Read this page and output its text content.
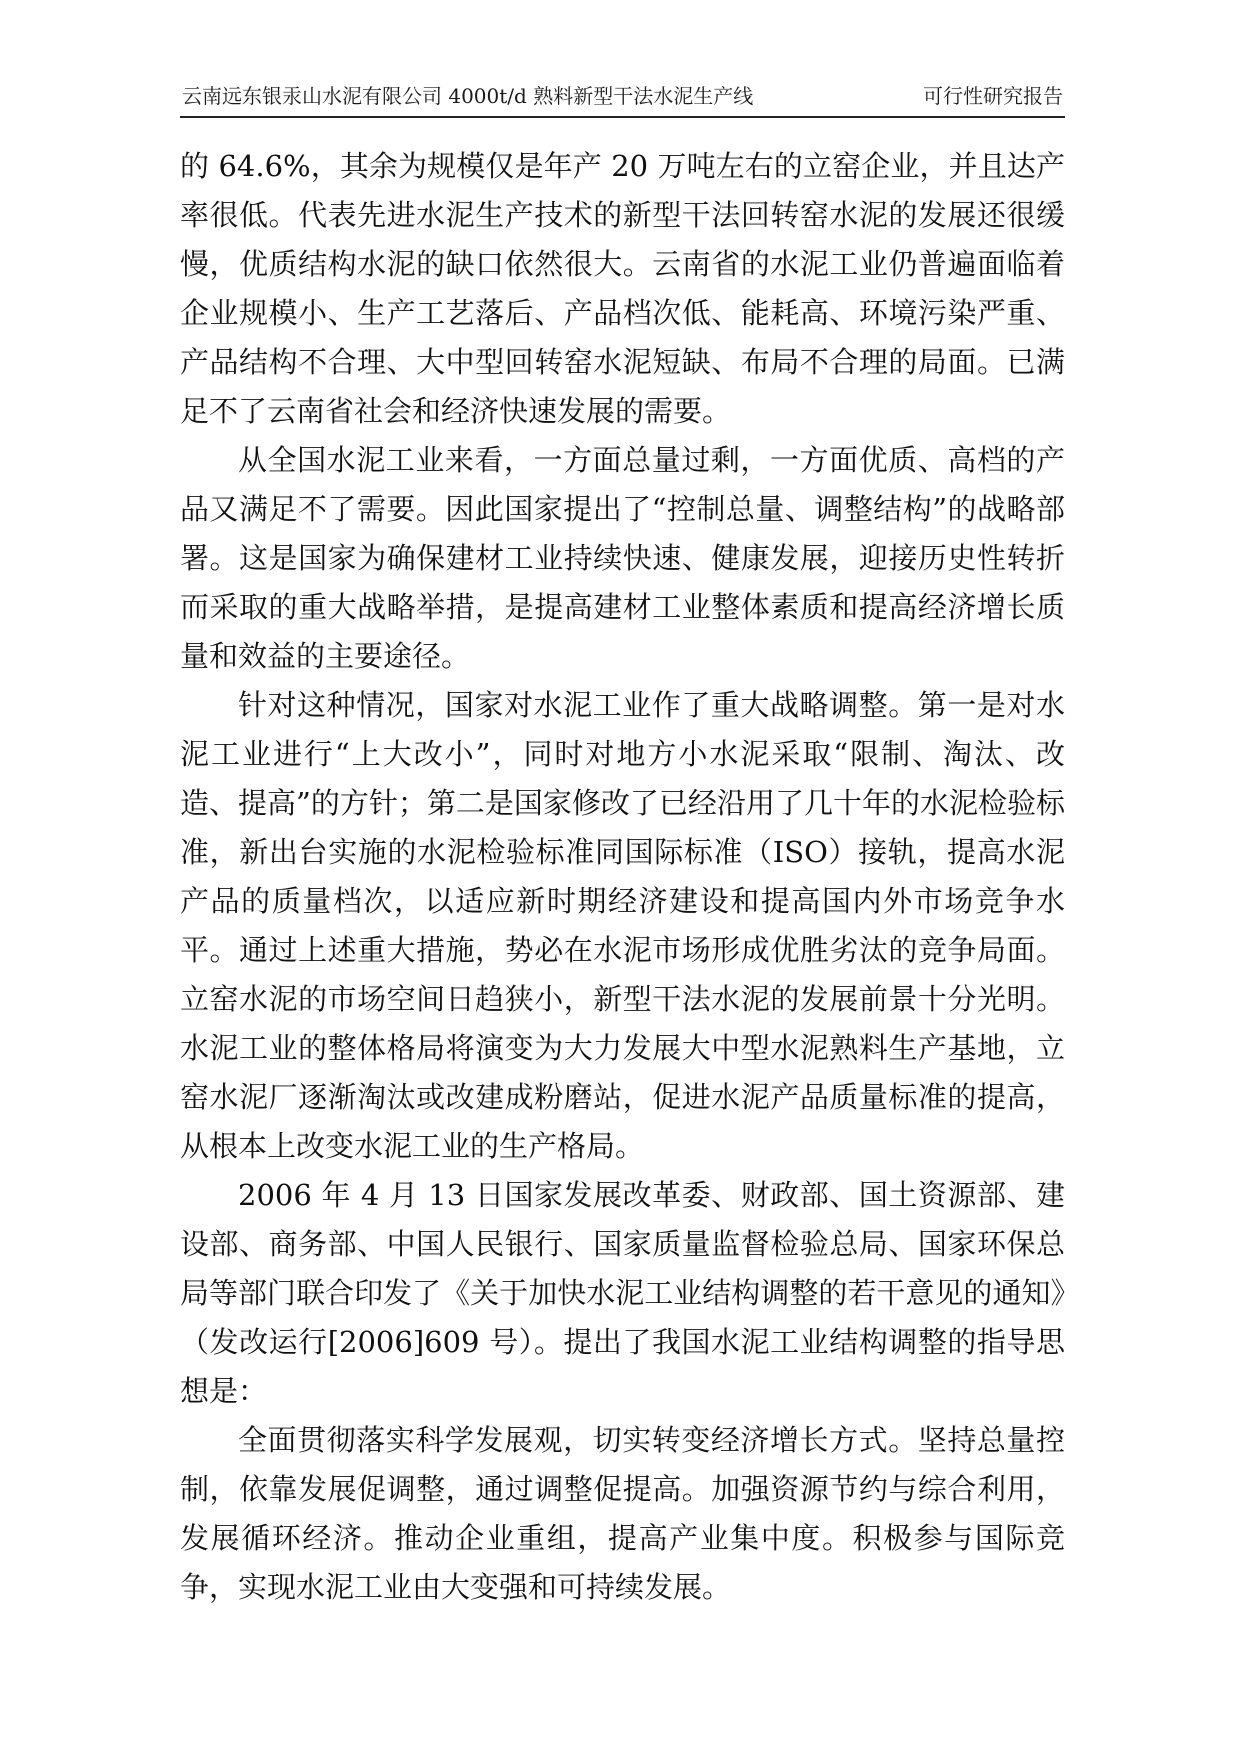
云南远东银汞山水泥有限公司 4000t/d 熟料新型干法水泥生产线	可行性研究报告

的 64.6%，其余为规模仅是年产 20 万吨左右的立窑企业，并且达产率很低。代表先进水泥生产技术的新型干法回转窑水泥的发展还很缓慢，优质结构水泥的缺口依然很大。云南省的水泥工业仍普遍面临着企业规模小、生产工艺落后、产品档次低、能耗高、环境污染严重、产品结构不合理、大中型回转窑水泥短缺、布局不合理的局面。已满足不了云南省社会和经济快速发展的需要。

从全国水泥工业来看，一方面总量过剩，一方面优质、高档的产品又满足不了需要。因此国家提出了“控制总量、调整结构”的战略部署。这是国家为确保建材工业持续快速、健康发展，迎接历史性转折而采取的重大战略举措，是提高建材工业整体素质和提高经济增长质量和效益的主要途径。

针对这种情况，国家对水泥工业作了重大战略调整。第一是对水泥工业进行“上大改小”，同时对地方小水泥采取“限制、淘汰、改造、提高”的方针；第二是国家修改了已经沿用了几十年的水泥检验标准，新出台实施的水泥检验标准同国际标准（ISO）接轨，提高水泥产品的质量档次，以适应新时期经济建设和提高国内外市场竞争水平。通过上述重大措施，势必在水泥市场形成优胜劣汰的竞争局面。立窑水泥的市场空间日趋狭小，新型干法水泥的发展前景十分光明。水泥工业的整体格局将演变为大力发展大中型水泥熟料生产基地，立窑水泥厂逐渐淘汰或改建成粉磨站，促进水泥产品质量标准的提高，从根本上改变水泥工业的生产格局。

2006 年 4 月 13 日国家发展改革委、财政部、国土资源部、建设部、商务部、中国人民银行、国家质量监督检验总局、国家环保总局等部门联合印发了《关于加快水泥工业结构调整的若干意见的通知》（发改运行[2006]609 号）。提出了我国水泥工业结构调整的指导思想是：

全面贯彻落实科学发展观，切实转变经济增长方式。坚持总量控制，依靠发展促调整，通过调整促提高。加强资源节约与综合利用，发展循环经济。推动企业重组，提高产业集中度。积极参与国际竞争，实现水泥工业由大变强和可持续发展。
